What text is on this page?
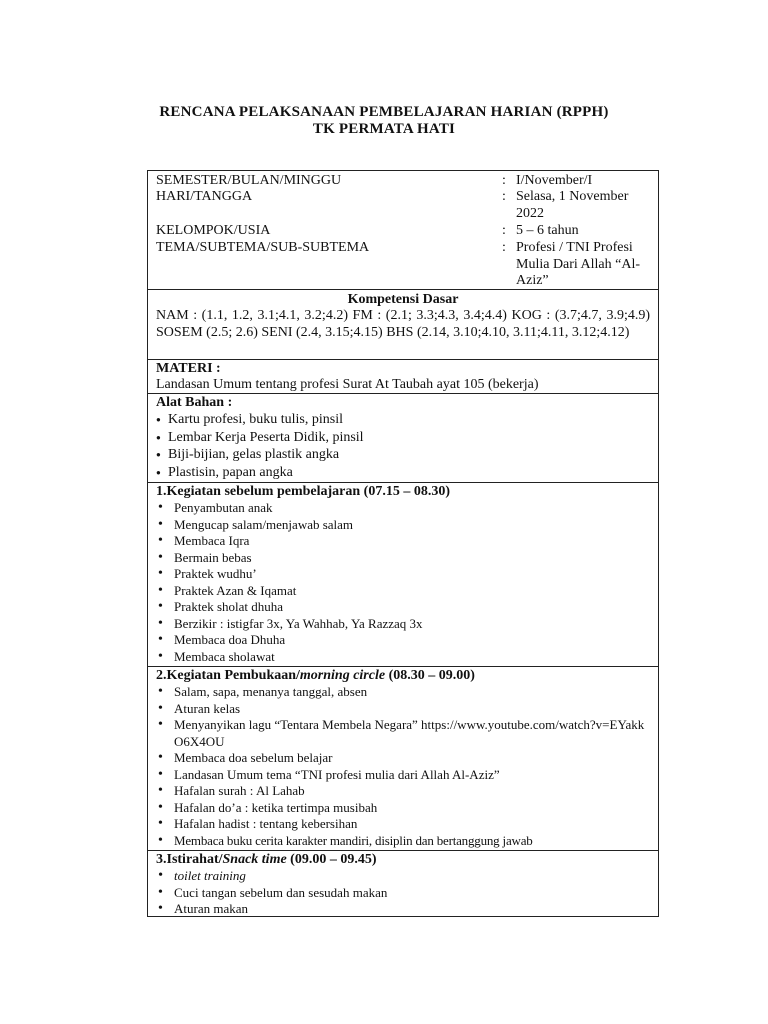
RENCANA PELAKSANAAN PEMBELAJARAN HARIAN (RPPH)
TK PERMATA HATI
SEMESTER/BULAN/MINGGU	: I/November/I
HARI/TANGGA	: Selasa, 1 November 2022
KELOMPOK/USIA	: 5 – 6 tahun
TEMA/SUBTEMA/SUB-SUBTEMA	: Profesi / TNI Profesi Mulia Dari Allah “Al-Aziz”
Kompetensi Dasar
NAM : (1.1, 1.2, 3.1;4.1, 3.2;4.2) FM : (2.1; 3.3;4.3, 3.4;4.4) KOG : (3.7;4.7, 3.9;4.9) SOSEM (2.5; 2.6) SENI (2.4, 3.15;4.15) BHS (2.14, 3.10;4.10, 3.11;4.11, 3.12;4.12)
MATERI :
Landasan Umum tentang profesi Surat At Taubah ayat 105 (bekerja)
Alat Bahan :
● Kartu profesi, buku tulis, pinsil
● Lembar Kerja Peserta Didik, pinsil
● Biji-bijian, gelas plastik angka
● Plastisin, papan angka
1.Kegiatan sebelum pembelajaran (07.15 – 08.30)
• Penyambutan anak
• Mengucap salam/menjawab salam
• Membaca Iqra
• Bermain bebas
• Praktek wudhu’
• Praktek Azan & Iqamat
• Praktek sholat dhuha
• Berzikir : istigfar 3x, Ya Wahhab, Ya Razzaq 3x
• Membaca doa Dhuha
• Membaca sholawat
2.Kegiatan Pembukaan/morning circle (08.30 – 09.00)
• Salam, sapa, menanya tanggal, absen
• Aturan kelas
• Menyanyikan lagu “Tentara Membela Negara” https://www.youtube.com/watch?v=EYakkO6X4OU
• Membaca doa sebelum belajar
• Landasan Umum tema “TNI profesi mulia dari Allah Al-Aziz”
• Hafalan surah : Al Lahab
• Hafalan do’a : ketika tertimpa musibah
• Hafalan hadist : tentang kebersihan
• Membaca buku cerita karakter mandiri, disiplin dan bertanggung jawab
3.Istirahat/Snack time (09.00 – 09.45)
• toilet training
• Cuci tangan sebelum dan sesudah makan
• Aturan makan
